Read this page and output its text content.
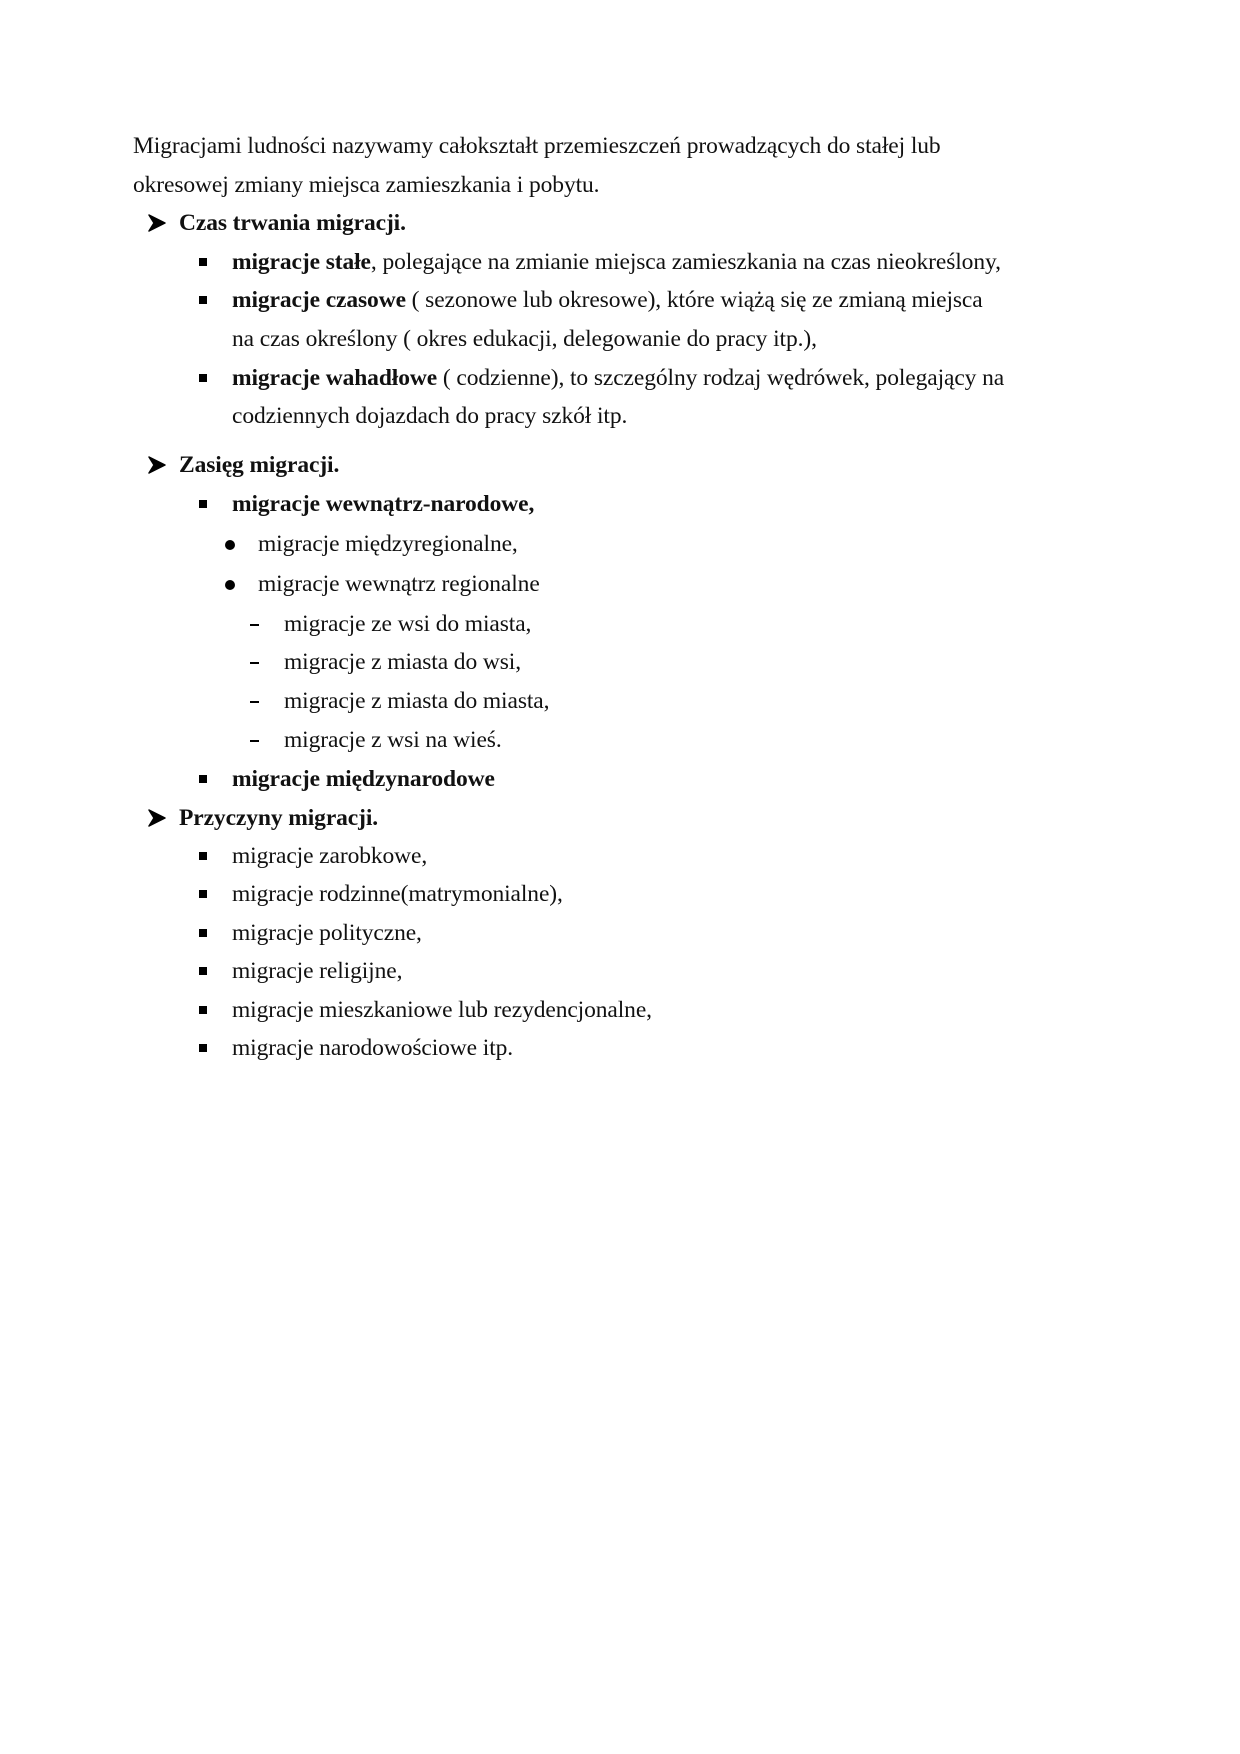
Migracjami ludności nazywamy całokształt przemieszczeń prowadzących do stałej lub
okresowej zmiany miejsca zamieszkania i pobytu.
Czas trwania migracji.
migracje stałe, polegające na zmianie miejsca zamieszkania na czas nieokreślony,
migracje czasowe ( sezonowe lub okresowe), które wiążą się ze zmianą miejsca
na czas określony ( okres edukacji, delegowanie do pracy itp.),
migracje wahadłowe ( codzienne), to szczególny rodzaj wędrówek, polegający na
codziennych dojazdach do pracy szkół itp.
Zasięg migracji.
migracje wewnątrz-narodowe,
migracje międzyregionalne,
migracje wewnątrz regionalne
migracje ze wsi do miasta,
migracje z miasta do wsi,
migracje z miasta do miasta,
migracje z wsi na wieś.
migracje międzynarodowe
Przyczyny migracji.
migracje zarobkowe,
migracje rodzinne(matrymonialne),
migracje polityczne,
migracje religijne,
migracje mieszkaniowe lub rezydencjonalne,
migracje narodowościowe itp.
